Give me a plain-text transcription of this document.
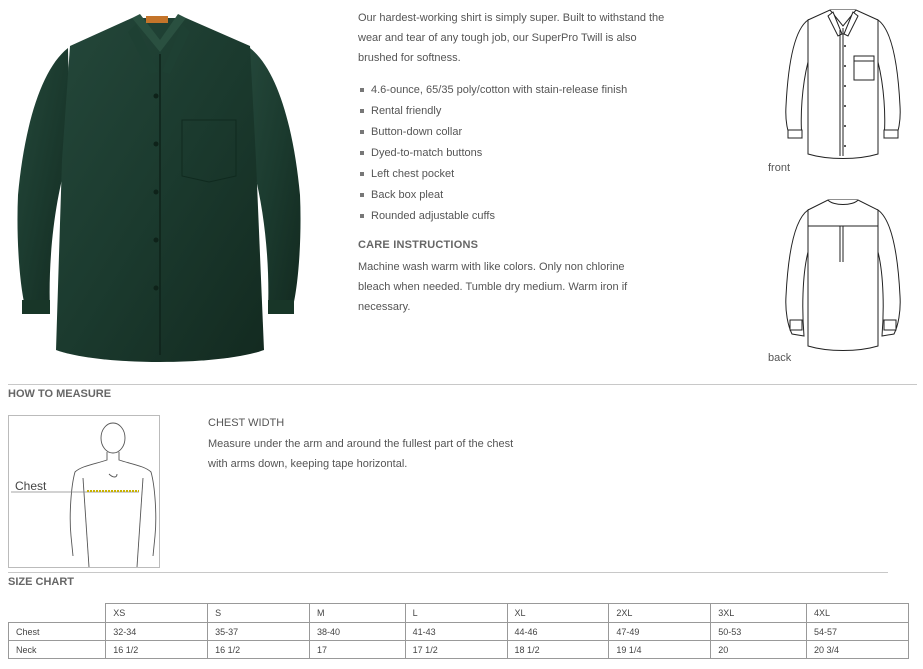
Our hardest-working shirt is simply super. Built to withstand the wear and tear of any tough job, our SuperPro Twill is also brushed for softness.
4.6-ounce, 65/35 poly/cotton with stain-release finish
Rental friendly
Button-down collar
Dyed-to-match buttons
Left chest pocket
Back box pleat
Rounded adjustable cuffs
CARE INSTRUCTIONS
Machine wash warm with like colors. Only non chlorine bleach when needed. Tumble dry medium. Warm iron if necessary.
front
back
HOW TO MEASURE
Chest
CHEST WIDTH
Measure under the arm and around the fullest part of the chest with arms down, keeping tape horizontal.
SIZE CHART
	XS	S	M	L	XL	2XL	3XL	4XL
Chest	32-34	35-37	38-40	41-43	44-46	47-49	50-53	54-57
Neck	16 1/2	16 1/2	17	17 1/2	18 1/2	19 1/4	20	20 3/4
